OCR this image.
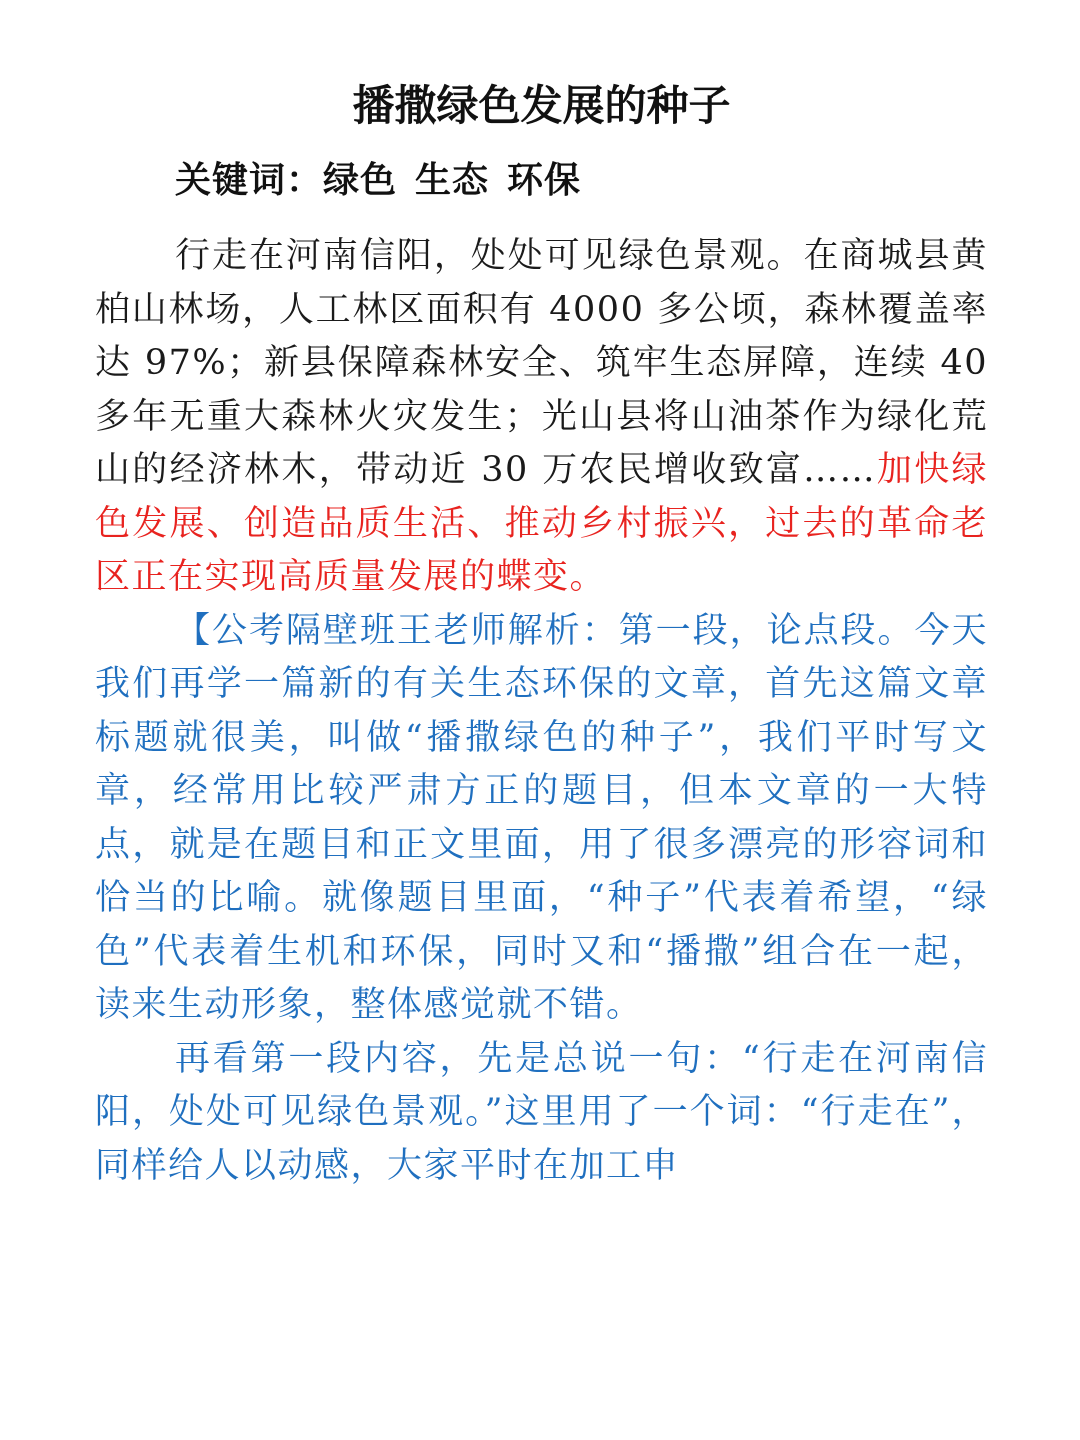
播撒绿色发展的种子

关键词：绿色 生态 环保

行走在河南信阳，处处可见绿色景观。在商城县黄柏山林场，人工林区面积有 4000 多公顷，森林覆盖率达 97%；新县保障森林安全、筑牢生态屏障，连续 40 多年无重大森林火灾发生；光山县将山油茶作为绿化荒山的经济林木，带动近 30 万农民增收致富……加快绿色发展、创造品质生活、推动乡村振兴，过去的革命老区正在实现高质量发展的蝶变。

【公考隔壁班王老师解析：第一段，论点段。今天我们再学一篇新的有关生态环保的文章，首先这篇文章标题就很美，叫做“播撒绿色的种子”，我们平时写文章，经常用比较严肃方正的题目，但本文章的一大特点，就是在题目和正文里面，用了很多漂亮的形容词和恰当的比喻。就像题目里面，“种子”代表着希望，“绿色”代表着生机和环保，同时又和“播撒”组合在一起，读来生动形象，整体感觉就不错。

再看第一段内容，先是总说一句：“行走在河南信阳，处处可见绿色景观。”这里用了一个词：“行走在”，同样给人以动感，大家平时在加工申
